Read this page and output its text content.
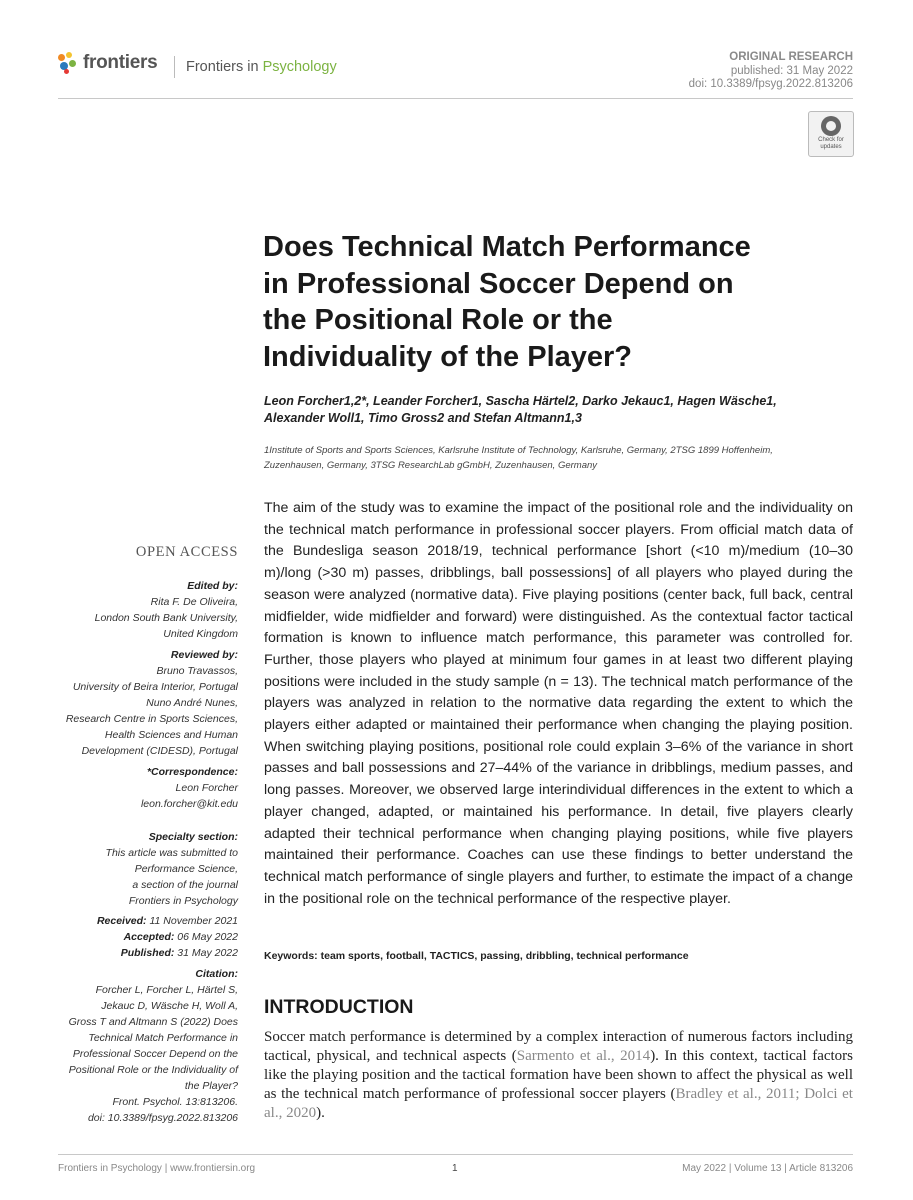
frontiers Frontiers in Psychology
ORIGINAL RESEARCH
published: 31 May 2022
doi: 10.3389/fpsyg.2022.813206
Check for
updates
Does Technical Match Performance
in Professional Soccer Depend on
the Positional Role or the
Individuality of the Player?
Leon Forcher1,2*, Leander Forcher1, Sascha Härtel2, Darko Jekauc1, Hagen Wäsche1,
Alexander Woll1, Timo Gross2 and Stefan Altmann1,3
1Institute of Sports and Sports Sciences, Karlsruhe Institute of Technology, Karlsruhe, Germany, 2TSG 1899 Hoffenheim,
Zuzenhausen, Germany, 3TSG ResearchLab gGmbH, Zuzenhausen, Germany
The aim of the study was to examine the impact of the positional role and the individuality on the technical match performance in professional soccer players. From official match data of the Bundesliga season 2018/19, technical performance [short (<10 m)/medium (10–30 m)/long (>30 m) passes, dribblings, ball possessions] of all players who played during the season were analyzed (normative data). Five playing positions (center back, full back, central midfielder, wide midfielder and forward) were distinguished. As the contextual factor tactical formation is known to influence match performance, this parameter was controlled for. Further, those players who played at minimum four games in at least two different playing positions were included in the study sample (n = 13). The technical match performance of the players was analyzed in relation to the normative data regarding the extent to which the players either adapted or maintained their performance when changing the playing position. When switching playing positions, positional role could explain 3–6% of the variance in short passes and ball possessions and 27–44% of the variance in dribblings, medium passes, and long passes. Moreover, we observed large interindividual differences in the extent to which a player changed, adapted, or maintained his performance. In detail, five players clearly adapted their technical performance when changing playing positions, while five players maintained their performance. Coaches can use these findings to better understand the technical match performance of single players and further, to estimate the impact of a change in the positional role on the technical performance of the respective player.
Keywords: team sports, football, TACTICS, passing, dribbling, technical performance
INTRODUCTION
Soccer match performance is determined by a complex interaction of numerous factors including tactical, physical, and technical aspects (Sarmento et al., 2014). In this context, tactical factors like the playing position and the tactical formation have been shown to affect the physical as well as the technical match performance of professional soccer players (Bradley et al., 2011; Dolci et al., 2020).
OPEN ACCESS
Edited by:
Rita F. De Oliveira,
London South Bank University,
United Kingdom
Reviewed by:
Bruno Travassos,
University of Beira Interior, Portugal
Nuno André Nunes,
Research Centre in Sports Sciences,
Health Sciences and Human
Development (CIDESD), Portugal
*Correspondence:
Leon Forcher
leon.forcher@kit.edu
Specialty section:
This article was submitted to
Performance Science,
a section of the journal
Frontiers in Psychology
Received: 11 November 2021
Accepted: 06 May 2022
Published: 31 May 2022
Citation:
Forcher L, Forcher L, Härtel S,
Jekauc D, Wäsche H, Woll A,
Gross T and Altmann S (2022) Does
Technical Match Performance in
Professional Soccer Depend on the
Positional Role or the Individuality of
the Player?
Front. Psychol. 13:813206.
doi: 10.3389/fpsyg.2022.813206
Frontiers in Psychology | www.frontiersin.org	1	May 2022 | Volume 13 | Article 813206
